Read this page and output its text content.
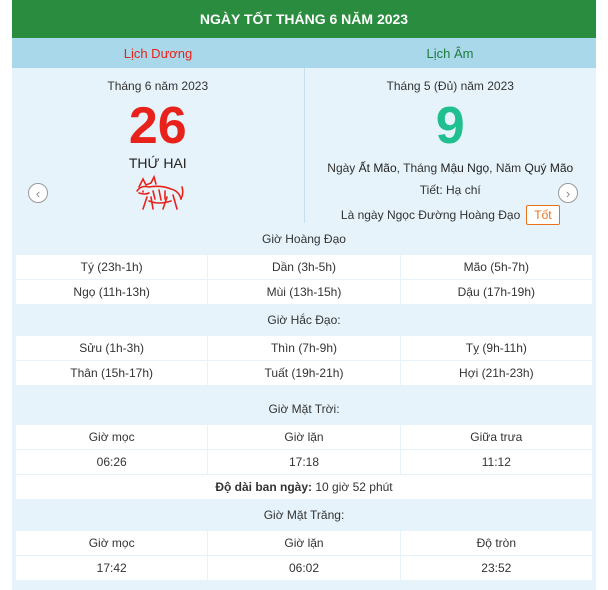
NGÀY TỐT THÁNG 6 NĂM 2023
Lịch Dương	Lịch Âm
‹	›
Tháng 6 năm 2023
26
THỨ HAI
Tháng 5 (Đủ) năm 2023
9
Ngày Ất Mão, Tháng Mậu Ngọ, Năm Quý Mão
Tiết: Hạ chí
Là ngày Ngọc Đường Hoàng Đạo	Tốt
Giờ Hoàng Đạo
Tý (23h-1h)	Dần (3h-5h)	Mão (5h-7h)
Ngọ (11h-13h)	Mùi (13h-15h)	Dậu (17h-19h)
Giờ Hắc Đạo:
Sửu (1h-3h)	Thìn (7h-9h)	Tỵ (9h-11h)
Thân (15h-17h)	Tuất (19h-21h)	Hợi (21h-23h)
Giờ Mặt Trời:
Giờ mọc	Giờ lặn	Giữa trưa
06:26	17:18	11:12
Độ dài ban ngày:
10 giờ 52 phút
Giờ Mặt Trăng:
Giờ mọc	Giờ lặn	Độ tròn
17:42	06:02	23:52
